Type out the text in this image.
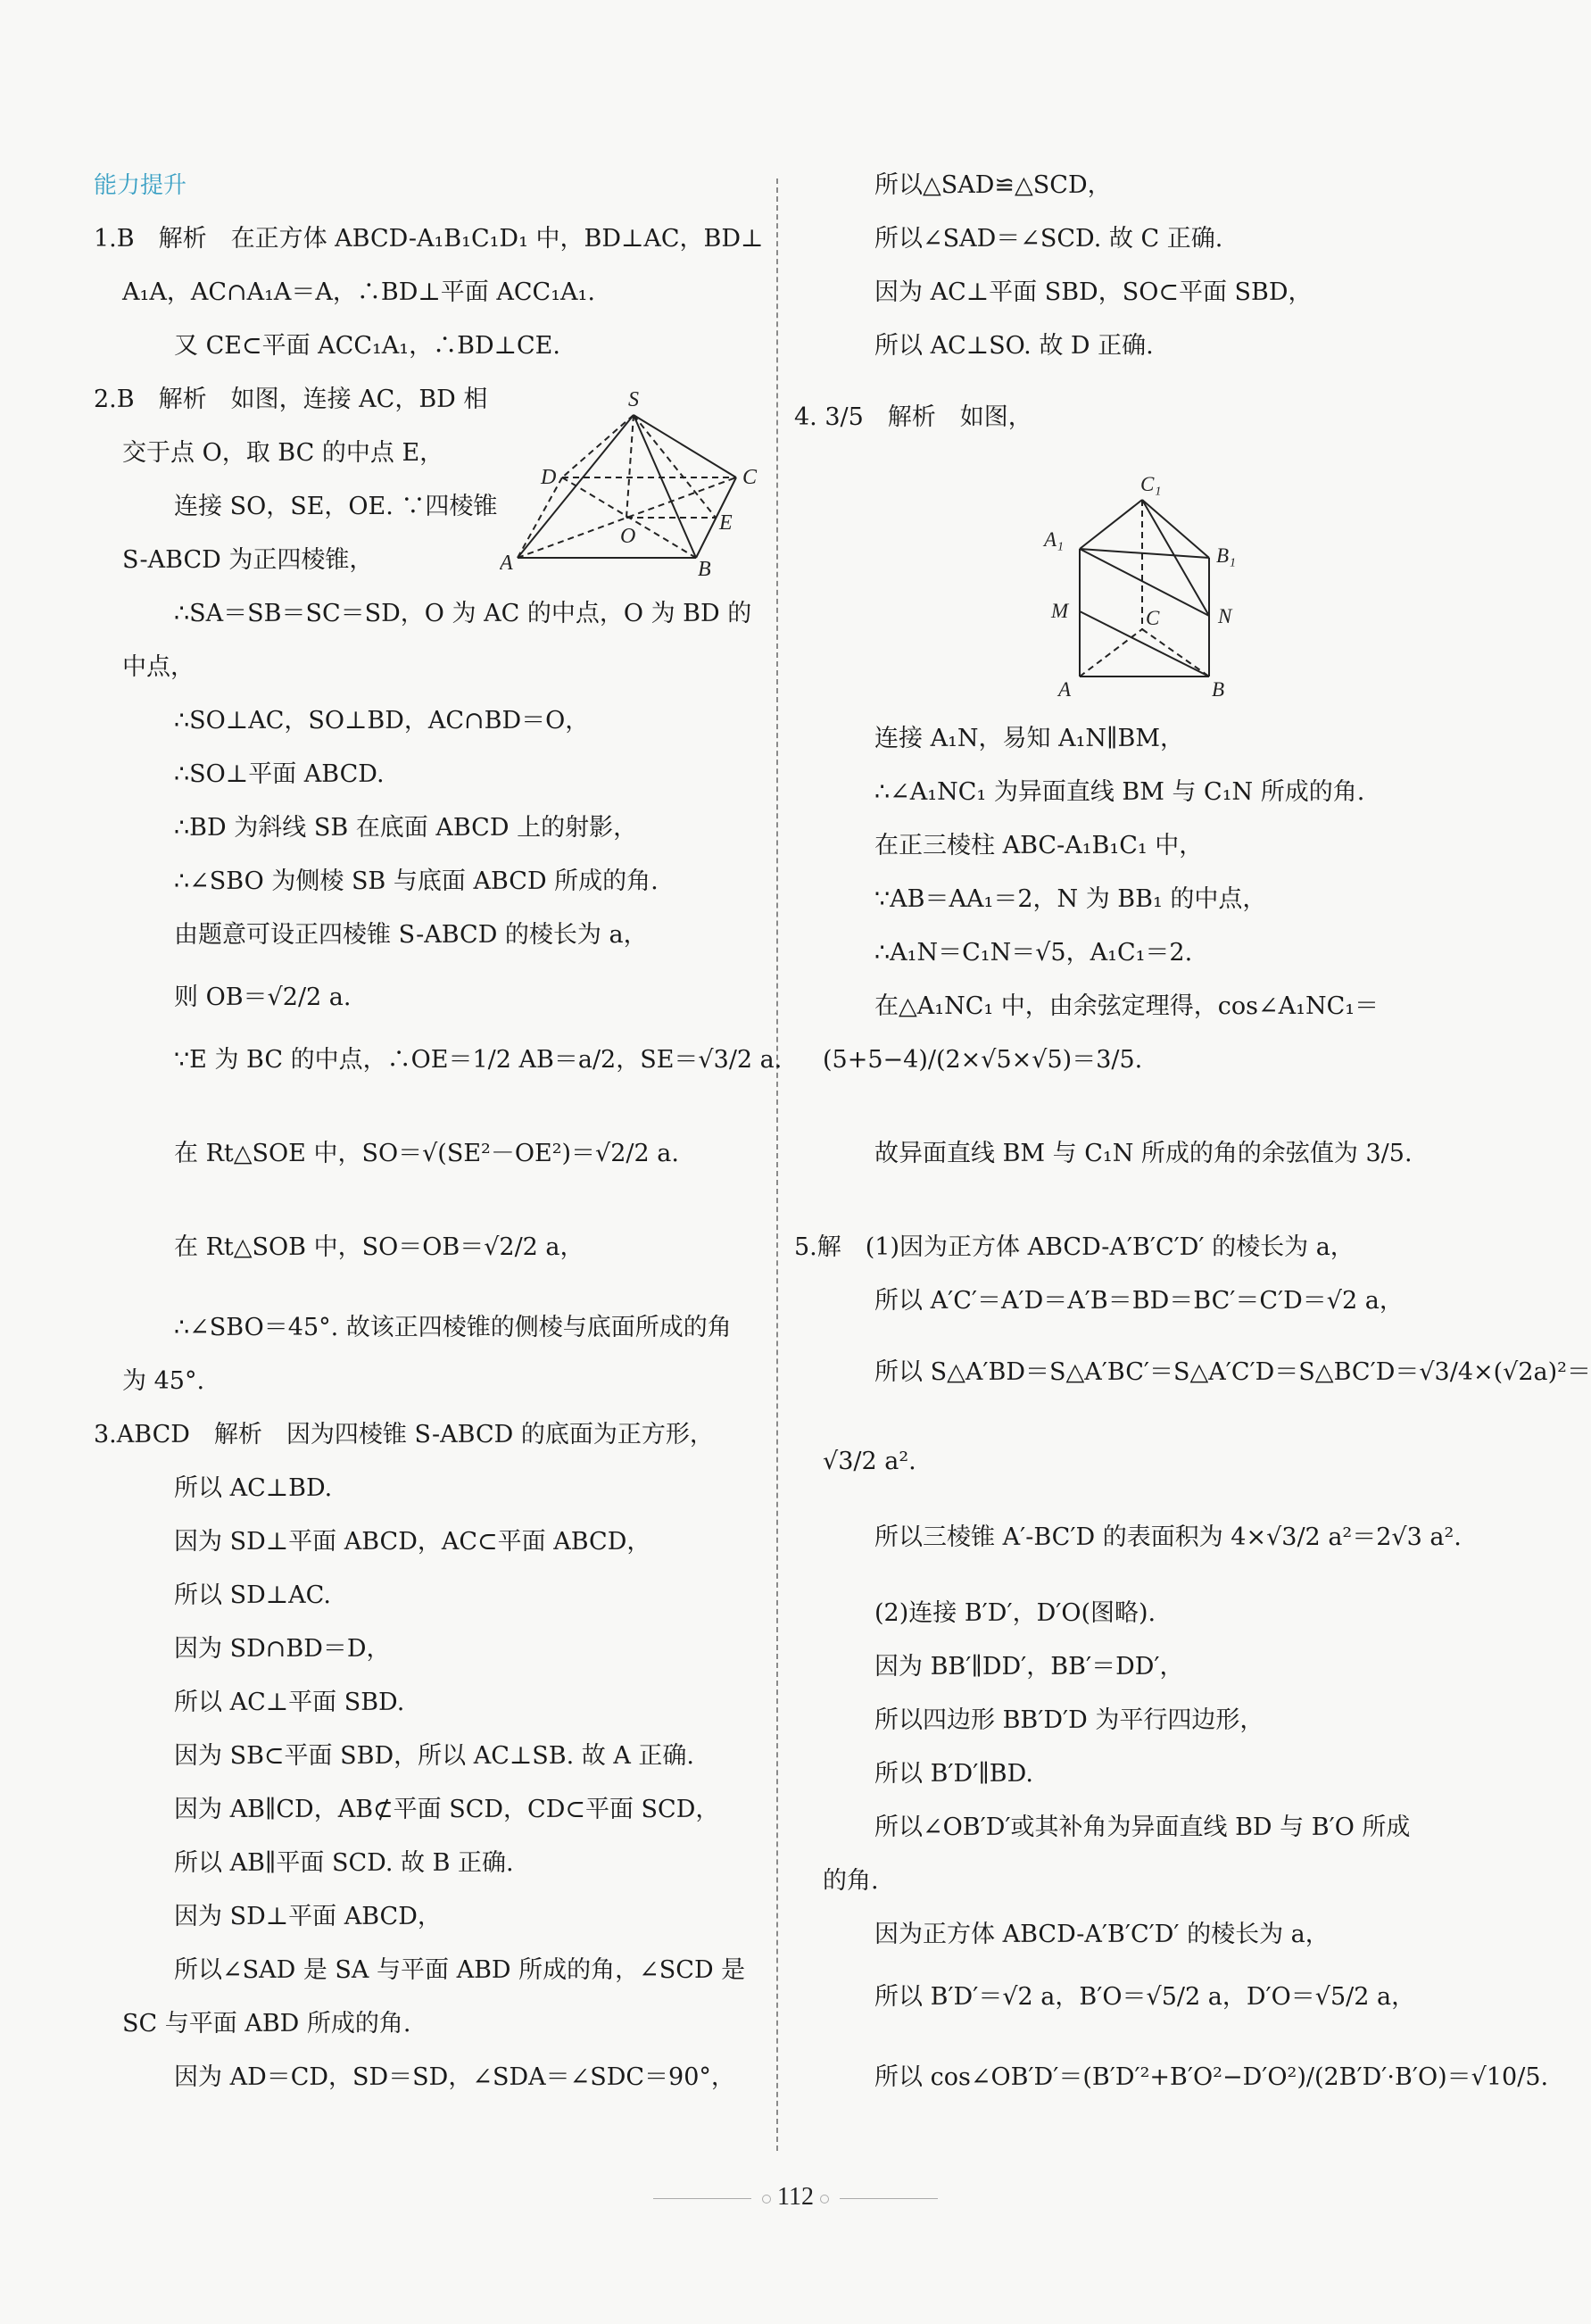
能力提升
1.B　解析　在正方体 ABCD-A₁B₁C₁D₁ 中，BD⊥AC，BD⊥
A₁A，AC∩A₁A＝A，∴BD⊥平面 ACC₁A₁.
又 CE⊂平面 ACC₁A₁，∴BD⊥CE.
2.B　解析　如图，连接 AC，BD 相
交于点 O，取 BC 的中点 E，
连接 SO，SE，OE. ∵四棱锥
S-ABCD 为正四棱锥，
∴SA＝SB＝SC＝SD，O 为 AC 的中点，O 为 BD 的
中点，
∴SO⊥AC，SO⊥BD，AC∩BD＝O，
∴SO⊥平面 ABCD.
∴BD 为斜线 SB 在底面 ABCD 上的射影，
∴∠SBO 为侧棱 SB 与底面 ABCD 所成的角.
由题意可设正四棱锥 S-ABCD 的棱长为 a，
则 OB＝√2/2 a.
∵E 为 BC 的中点，∴OE＝1/2 AB＝a/2，SE＝√3/2 a.
在 Rt△SOE 中，SO＝√(SE²－OE²)＝√2/2 a.
在 Rt△SOB 中，SO＝OB＝√2/2 a，
∴∠SBO＝45°. 故该正四棱锥的侧棱与底面所成的角
为 45°.
3.ABCD　解析　因为四棱锥 S-ABCD 的底面为正方形，
所以 AC⊥BD.
因为 SD⊥平面 ABCD，AC⊂平面 ABCD，
所以 SD⊥AC.
因为 SD∩BD＝D，
所以 AC⊥平面 SBD.
因为 SB⊂平面 SBD，所以 AC⊥SB. 故 A 正确.
因为 AB∥CD，AB⊄平面 SCD，CD⊂平面 SCD，
所以 AB∥平面 SCD. 故 B 正确.
因为 SD⊥平面 ABCD，
所以∠SAD 是 SA 与平面 ABD 所成的角，∠SCD 是
SC 与平面 ABD 所成的角.
因为 AD＝CD，SD＝SD，∠SDA＝∠SDC＝90°，
所以△SAD≌△SCD，
所以∠SAD＝∠SCD. 故 C 正确.
因为 AC⊥平面 SBD，SO⊂平面 SBD，
所以 AC⊥SO. 故 D 正确.
4. 3/5　解析　如图，
连接 A₁N，易知 A₁N∥BM，
∴∠A₁NC₁ 为异面直线 BM 与 C₁N 所成的角.
在正三棱柱 ABC-A₁B₁C₁ 中，
∵AB＝AA₁＝2，N 为 BB₁ 的中点，
∴A₁N＝C₁N＝√5，A₁C₁＝2.
在△A₁NC₁ 中，由余弦定理得，cos∠A₁NC₁＝
(5+5−4)/(2×√5×√5)＝3/5.
故异面直线 BM 与 C₁N 所成的角的余弦值为 3/5.
5.解　(1)因为正方体 ABCD-A′B′C′D′ 的棱长为 a，
所以 A′C′＝A′D＝A′B＝BD＝BC′＝C′D＝√2 a，
所以 S△A′BD＝S△A′BC′＝S△A′C′D＝S△BC′D＝√3/4×(√2a)²＝
√3/2 a².
所以三棱锥 A′-BC′D 的表面积为 4×√3/2 a²＝2√3 a².
(2)连接 B′D′，D′O(图略).
因为 BB′∥DD′，BB′＝DD′，
所以四边形 BB′D′D 为平行四边形，
所以 B′D′∥BD.
所以∠OB′D′或其补角为异面直线 BD 与 B′O 所成
的角.
因为正方体 ABCD-A′B′C′D′ 的棱长为 a，
所以 B′D′＝√2 a，B′O＝√5/2 a，D′O＝√5/2 a，
所以 cos∠OB′D′＝(B′D′²+B′O²−D′O²)/(2B′D′·B′O)＝√10/5.
S
A	B
C
D
O
E
C₁
A₁
B₁
M	N
C
A	B
112
